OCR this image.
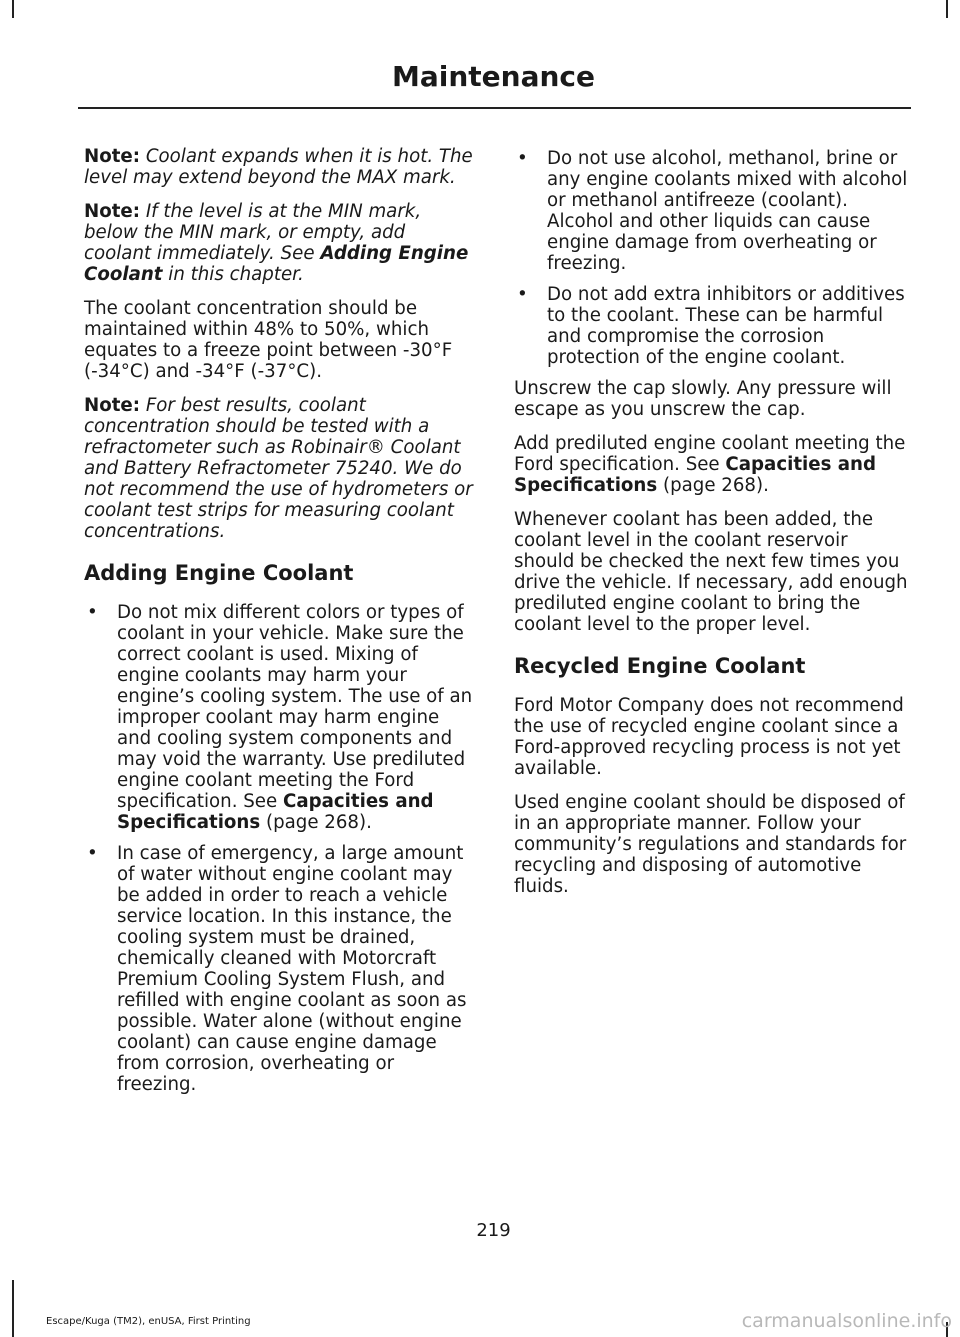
Maintenance

Note: Coolant expands when it is hot. The level may extend beyond the MAX mark.

Note: If the level is at the MIN mark, below the MIN mark, or empty, add coolant immediately. See Adding Engine Coolant in this chapter.

The coolant concentration should be maintained within 48% to 50%, which equates to a freeze point between -30°F (-34°C) and -34°F (-37°C).

Note: For best results, coolant concentration should be tested with a refractometer such as Robinair® Coolant and Battery Refractometer 75240. We do not recommend the use of hydrometers or coolant test strips for measuring coolant concentrations.

Adding Engine Coolant
• Do not mix different colors or types of coolant in your vehicle. Make sure the correct coolant is used. Mixing of engine coolants may harm your engine’s cooling system. The use of an improper coolant may harm engine and cooling system components and may void the warranty. Use prediluted engine coolant meeting the Ford specification. See Capacities and Specifications (page 268).
• In case of emergency, a large amount of water without engine coolant may be added in order to reach a vehicle service location. In this instance, the cooling system must be drained, chemically cleaned with Motorcraft Premium Cooling System Flush, and refilled with engine coolant as soon as possible. Water alone (without engine coolant) can cause engine damage from corrosion, overheating or freezing.
• Do not use alcohol, methanol, brine or any engine coolants mixed with alcohol or methanol antifreeze (coolant). Alcohol and other liquids can cause engine damage from overheating or freezing.
• Do not add extra inhibitors or additives to the coolant. These can be harmful and compromise the corrosion protection of the engine coolant.

Unscrew the cap slowly. Any pressure will escape as you unscrew the cap.

Add prediluted engine coolant meeting the Ford specification. See Capacities and Specifications (page 268).

Whenever coolant has been added, the coolant level in the coolant reservoir should be checked the next few times you drive the vehicle. If necessary, add enough prediluted engine coolant to bring the coolant level to the proper level.

Recycled Engine Coolant

Ford Motor Company does not recommend the use of recycled engine coolant since a Ford-approved recycling process is not yet available.

Used engine coolant should be disposed of in an appropriate manner. Follow your community’s regulations and standards for recycling and disposing of automotive fluids.

219
Escape/Kuga (TM2), enUSA, First Printing	carmanualsonline.info
